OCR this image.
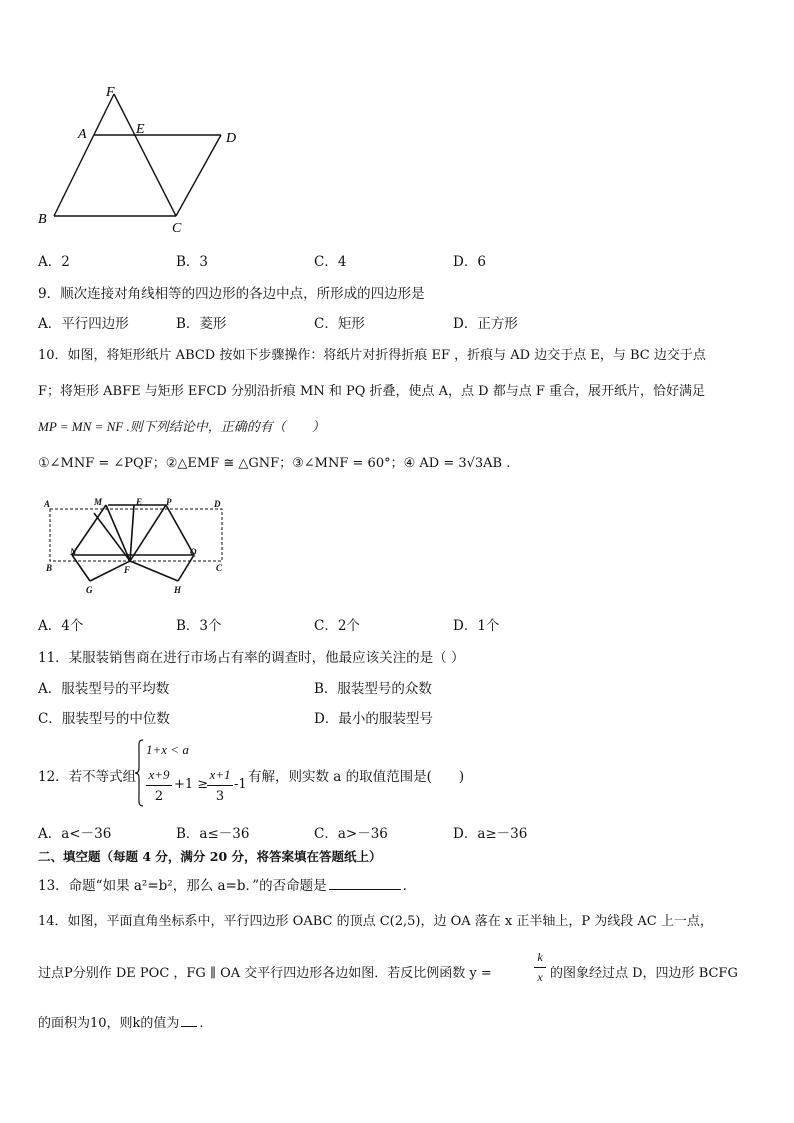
F
A	E
D
B
C
A．2	B．3	C．4	D．6
9．顺次连接对角线相等的四边形的各边中点，所形成的四边形是
A．平行四边形	B．菱形	C．矩形	D．正方形
10．如图，将矩形纸片 ABCD 按如下步骤操作：将纸片对折得折痕 EF ，折痕与 AD 边交于点 E，与 BC 边交于点
F；将矩形 ABFE 与矩形 EFCD 分别沿折痕 MN 和 PQ 折叠，使点 A，点 D 都与点 F 重合，展开纸片，恰好满足
MP = MN = NF .则下列结论中，正确的有（　　）
①∠MNF = ∠PQF；②△EMF ≅ △GNF；③∠MNF = 60°；④ AD = 3√3AB .
A	M	E	P	D
N	Q
B	F	C
G	H
A．4个	B．3个	C．2个	D．1个
11．某服装销售商在进行市场占有率的调查时，他最应该关注的是（ ）
A．服装型号的平均数	B．服装型号的众数
C．服装型号的中位数	D．最小的服装型号
12．若不等式组
1+x < a
x+9
2
+1 ≥
x+1
3
-1 有解，则实数 a 的取值范围是(　　)
A．a<－36	B．a≤－36	C．a>－36	D．a≥－36
二、填空题（每题 4 分，满分 20 分，将答案填在答题纸上）
13．命题“如果 a²=b²，那么 a=b．”的否命题是	．
14．如图，平面直角坐标系中，平行四边形 OABC 的顶点 C(2,5)，边 OA 落在 x 正半轴上，P 为线段 AC 上一点，
过点P分别作 DE POC ，FG ∥ OA 交平行四边形各边如图．若反比例函数 y =
k
x 的图象经过点 D，四边形 BCFG
的面积为10，则k的值为 .
